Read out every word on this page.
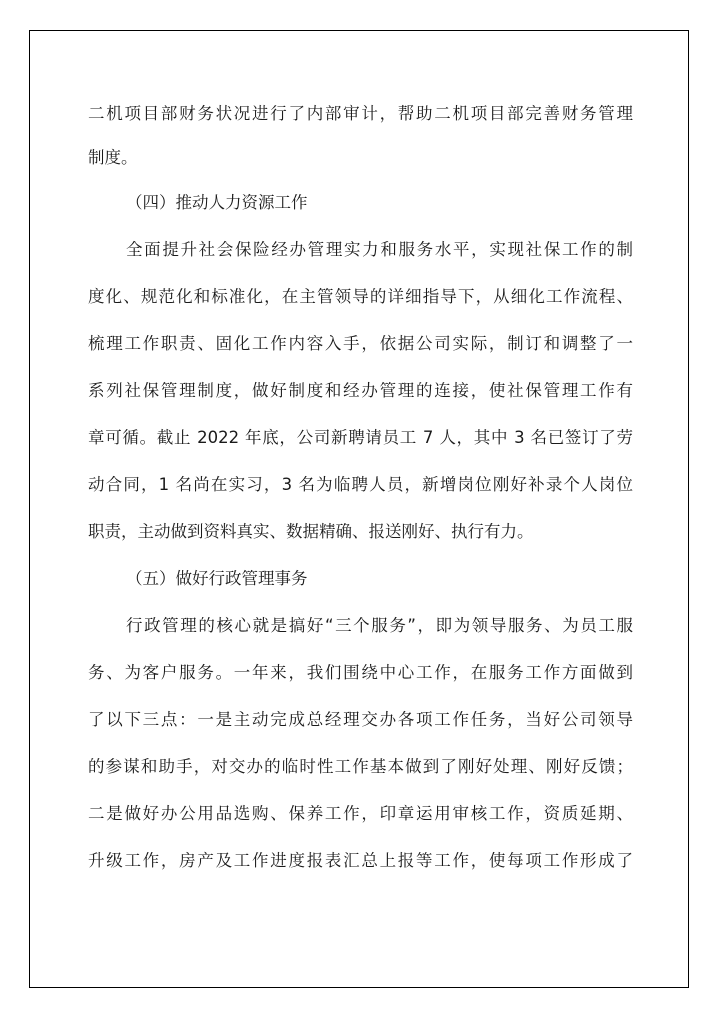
二机项目部财务状况进行了内部审计，帮助二机项目部完善财务管理
制度。
（四）推动人力资源工作
全面提升社会保险经办管理实力和服务水平，实现社保工作的制
度化、规范化和标准化，在主管领导的详细指导下，从细化工作流程、
梳理工作职责、固化工作内容入手，依据公司实际，制订和调整了一
系列社保管理制度，做好制度和经办管理的连接，使社保管理工作有
章可循。截止 2022 年底，公司新聘请员工 7 人，其中 3 名已签订了劳
动合同，1 名尚在实习，3 名为临聘人员，新增岗位刚好补录个人岗位
职责，主动做到资料真实、数据精确、报送刚好、执行有力。
（五）做好行政管理事务
行政管理的核心就是搞好“三个服务”，即为领导服务、为员工服
务、为客户服务。一年来，我们围绕中心工作，在服务工作方面做到
了以下三点：一是主动完成总经理交办各项工作任务，当好公司领导
的参谋和助手，对交办的临时性工作基本做到了刚好处理、刚好反馈；
二是做好办公用品选购、保养工作，印章运用审核工作，资质延期、
升级工作，房产及工作进度报表汇总上报等工作，使每项工作形成了
